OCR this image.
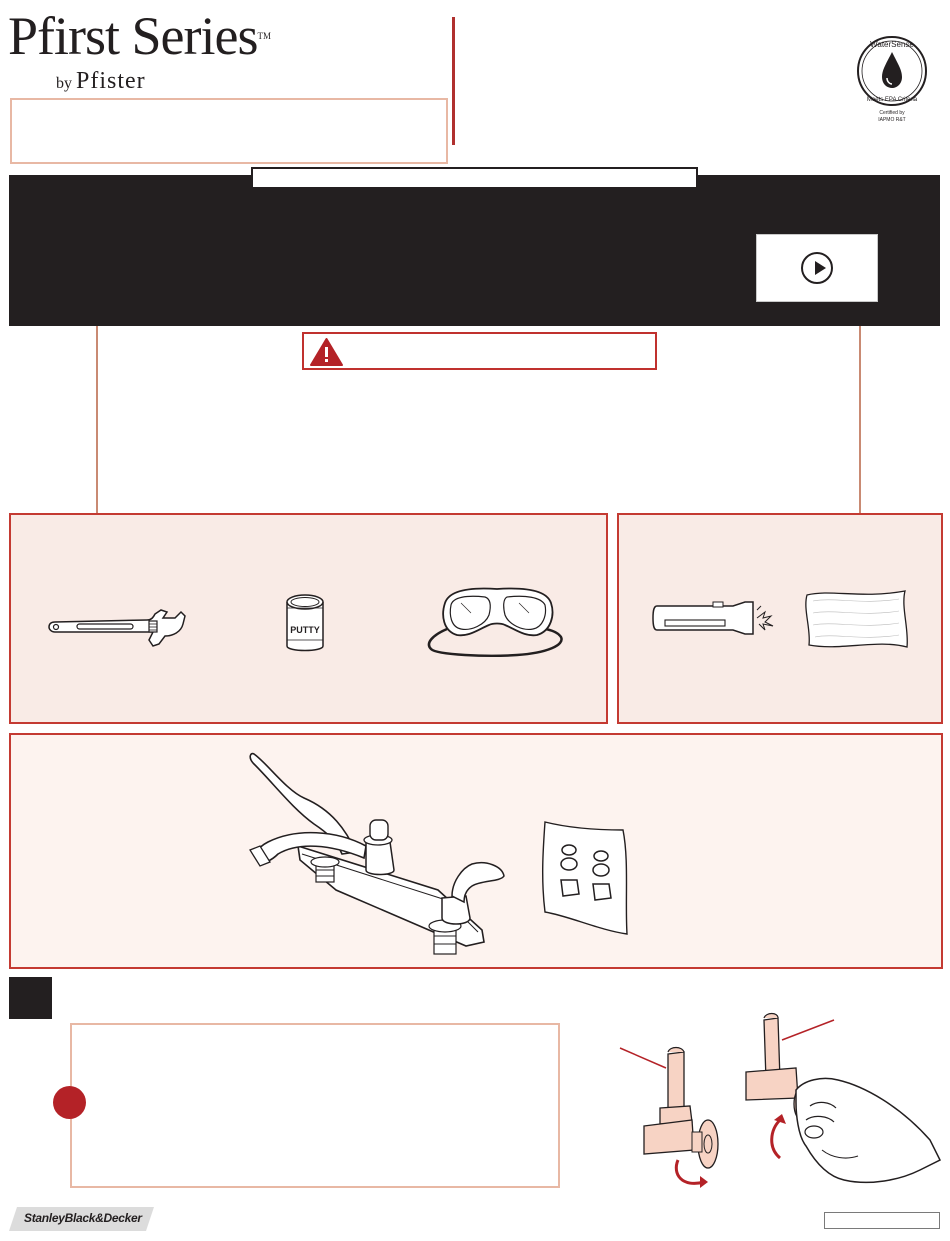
Pfirst Series™
by Pfister
WaterSense
Meets EPA Criteria
Certified by
IAPMO R&T
PUTTY
StanleyBlack&Decker
